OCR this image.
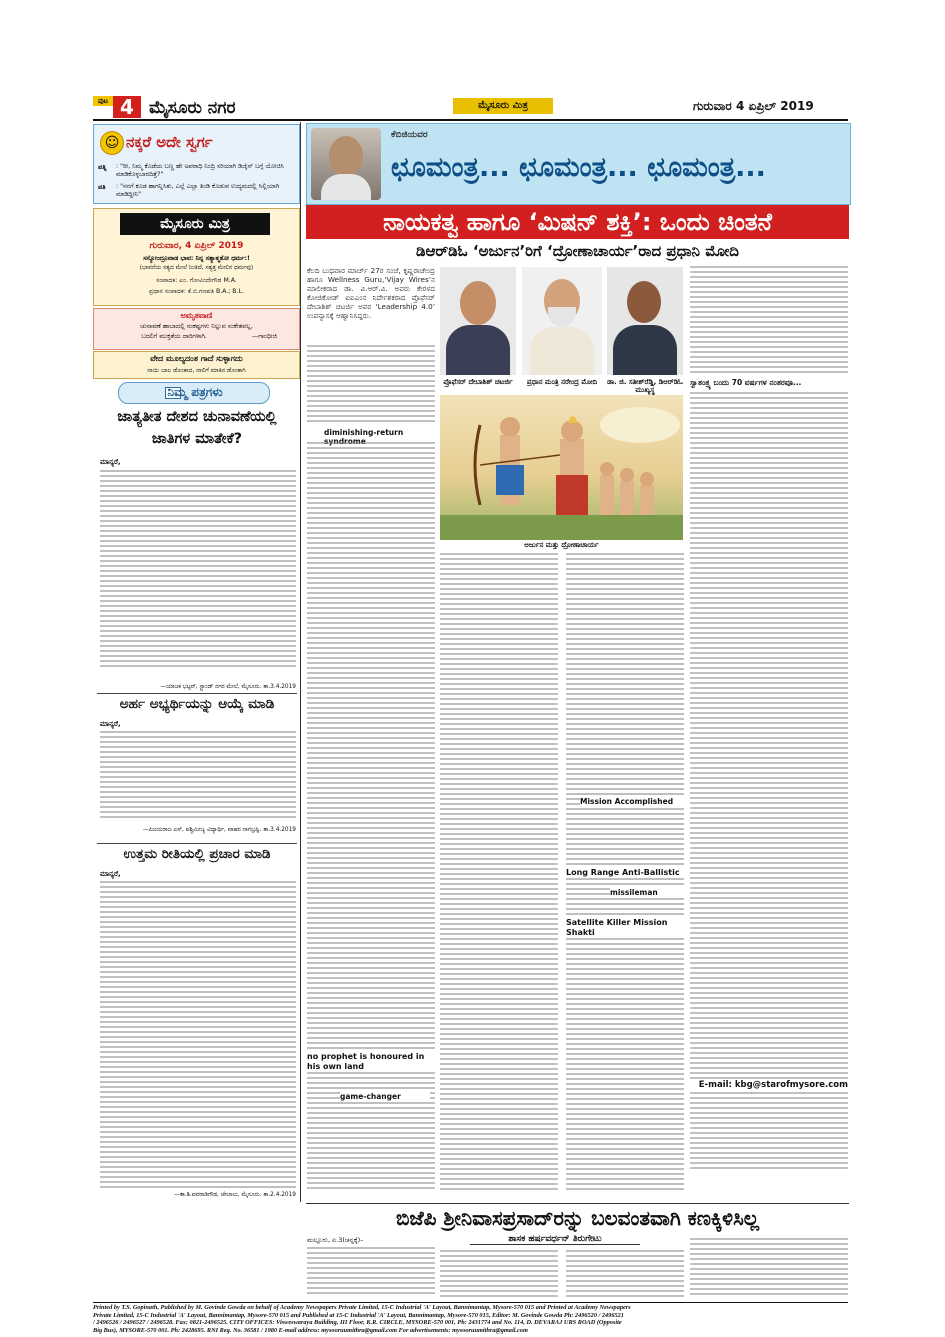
ಪುಟ 4 ಮೈಸೂರು ನಗರ	ಮೈಸೂರು ಮಿತ್ರ	ಗುರುವಾರ 4 ಏಪ್ರಿಲ್ 2019
☺ ನಕ್ಕರೆ ಅದೇ ಸ್ವರ್ಗ
ಪತ್ನಿ : "ರೀ, ನಿಮ್ಮ ಕೊಡೆಯ ಬಣ್ಣ ಹೇ ಅಪರಾಧಿ ನಿಂದ್ರಿ ಸರಿಯಾಗಿ ಡಿಜೈನ್ ಬಗ್ಗೆ ಯೋಚಿಸಿ ಮಾಡಿಕೊಳ್ಳಬಾರದಿತ್ತೆ?"
ಪತಿ : "ನನಗೆ ಕೂಡ ಹಾಗನ್ನಿಸಿತು, ಎಲ್ಲೆ ಎಲ್ಲಾ ತಿಂಡಿ ಕೊಡುವ ಉದ್ಯಮದಲ್ಲಿ ಸಿಲ್ಲಿಯಾಗಿ ಮಾಡಿದ್ದೀನಿ"
ಮೈಸೂರು ಮಿತ್ರ
ಗುರುವಾರ, 4 ಏಪ್ರಿಲ್ 2019
ಸಸ್ಯೋಂದ್ರೂವಾಡ ಭಾವ: ನಿನ್ನ ಸತ್ಯಾತ್ಮತೋ ಧರ್ಮ:!
(ಭಾವನೆಯ ಸತ್ಯದ ಮೇಲೆ ನಿಂತಿದೆ, ಸತ್ಯತ್ತ ಮೇಲಿನ ಧರ್ಮವು)
ಸಂಪಾದಕ: ಎಂ. ಗೋವಿಂದೇಗೌಡ M.A.
ಪ್ರಧಾನ ಸಂಪಾದಕ: ಕೆ.ಬಿ.ಗಣಪತಿ B.A.; B.L.
ಅಮೃತವಾಣಿ
ಚುನಾವಣೆ ಹಾಬಾದಲ್ಲಿ ಸಂಕಷ್ಟಗಳು ನಿಲ್ಲುವ ಸಂಕೇತವಲ್ಲ,
ಬದಲಿಗೆ ಮುಕ್ತತೆಯ ದಾರಿಗಳಾಗಿ.	—ಗಾಂಧೀಜಿ
ವೇದ ಮೂಲ್ಯದಂತ ಗಾದೆ ಸುಳ್ಳಾಗದು
ನಾಯಿ ಬಾಲ ಡೊಂಕಾದ, ನಾಲಿಗೆ ಮಾತಿನ ಡೊಂಕಾಗಿ
ನಿಮ್ಮ ಪತ್ರಗಳು
ಜಾತ್ಯತೀತ ದೇಶದ ಚುನಾವಣೆಯಲ್ಲಿ ಜಾತಿಗಳ ಮಾತೇಕೆ?
ಮಾನ್ಯರೆ,
—ಯಾಜಕ ಭಟ್ಟರ್, ಸ್ಟ್ರಾಂಡ್ ನಗರ ಮೇಲೆ, ಮೈಸೂರು. ತಾ.3.4.2019
ಅರ್ಹ ಅಭ್ಯರ್ಥಿಯನ್ನು ಆಯ್ಕೆ ಮಾಡಿ
ಮಾನ್ಯರೆ,
—ಪಿಜಯರಾಜ ಎಸ್, ಪಶ್ಚಿಮೀಜ್ಯ ವಿದ್ಯಾರ್ಥಿ, ವಾಹನ ನಾಗಭ್ರಷ್ಟಿ. ತಾ.3.4.2019
ಉತ್ತಮ ರೀತಿಯಲ್ಲಿ ಪ್ರಚಾರ ಮಾಡಿ
ಮಾನ್ಯರೆ,
—ತಾ.ಶಿ.ಪವರಾಡಿಗೌಡ, ಜೇಲಾಲು, ಮೈಸೂರು. ತಾ.2.4.2019
ಕೆಬಿಜಿಯವರ
ಛೂಮಂತ್ರ... ಛೂಮಂತ್ರ... ಛೂಮಂತ್ರ...
ನಾಯಕತ್ವ ಹಾಗೂ ‘ಮಿಷನ್ ಶಕ್ತಿ’: ಒಂದು ಚಿಂತನೆ
ಡಿಆರ್‌ಡಿಓ ‘ಅರ್ಜುನ’ರಿಗೆ ‘ದ್ರೋಣಾಚಾರ್ಯ’ರಾದ ಪ್ರಧಾನಿ ಮೋದಿ
ಕೆಲದಿ ಬುಧವಾರ ಮಾರ್ಚ್ 27ರ ಸಂಜೆ, ಕೃಷ್ಣರಾಜೇಂದ್ರ ಹಾಗೂ Wellness Guru,‘Vijay Wires’ನ ಮಾಲೀಕರಾದ ಡಾ. ವಿ.ಆರ್.ವಿ. ಅವರು ಕೇರಳದ ಕೋಜಿಕೋಡ್ ಐಐಎಂನ ನಿರ್ದೇಶಕರಾದ ಪ್ರೊಫೆಸರ್ ದೇಬಾಶಿಶ್ ಚಟರ್ಜಿ ಅವರ ‘Leadership 4.0’ ಉಪನ್ಯಾಸಕ್ಕೆ ಆಹ್ವಾನಿಸಿದ್ದರು.
diminishing-return
no prophet is honoured in his own land
game-changer
ಪ್ರೊಫೆಸರ್ ದೇಬಾಶಿಶ್ ಚಟರ್ಜಿ	ಪ್ರಧಾನ ಮಂತ್ರಿ ನರೇಂದ್ರ ಮೋದಿ	ಡಾ. ಜಿ. ಸತೀಶ್‌ರೆಡ್ಡಿ, ಡಿಆರ್‌ಡಿಓ ಮುಖ್ಯಸ್ಥ
ಅರ್ಜುನ ಮತ್ತು ದ್ರೋಣಾಚಾರ್ಯ
ಸ್ವಾತಂತ್ರ್ಯ ಬಂದು 70 ವರ್ಷಗಳ ನಂತರವೂ...
E-mail: kbg@starofmysore.com
Mission Accomplished
Long Range Anti-Ballistic
missileman
Satellite Killer Mission Shakti
ಬಿಜೆಪಿ ಶ್ರೀನಿವಾಸಪ್ರಸಾದ್‌ರನ್ನು ಬಲವಂತವಾಗಿ ಕಣಕ್ಕಿಳಿಸಿಲ್ಲ
ಶಾಸಕ ಹರ್ಷವರ್ಧನ್ ತಿರುಗೇಟು
ಮಲ್ಲೂರು, ಏ.3(ಚನ್ನಕ್ಕೆ)–
Printed by T.S. Gopinath, Published by M. Govinde Gowda on behalf of Academy Newspapers Private Limited, 15-C Industrial 'A' Layout, Bannimantap, Mysore-570 015 and Printed at Academy Newspapers
Private Limited, 15-C Industrial 'A' Layout, Bannimantap, Mysore-570 015 and Published at 15-C Industrial 'A' Layout, Bannimantap, Mysore-570 015, Editor: M. Govinde Gowda Ph: 2496520 / 2496521
/ 2496526 / 2496527 / 2496528. Fax: 0821-2496525. CITY OFFICES: Visweswaraya Building, III Floor, K.R. CIRCLE, MYSORE-570 001, Ph: 2431774 and No. 114, D. DEVARAJ URS ROAD (Opposite
Big Bus), MYSORE-570 001. Ph: 2428695. RNI Reg. No. 36581 / 1980 E-mail address: mysooruumithra@gmail.com For advertisements: mysooruumithra@gmail.com
